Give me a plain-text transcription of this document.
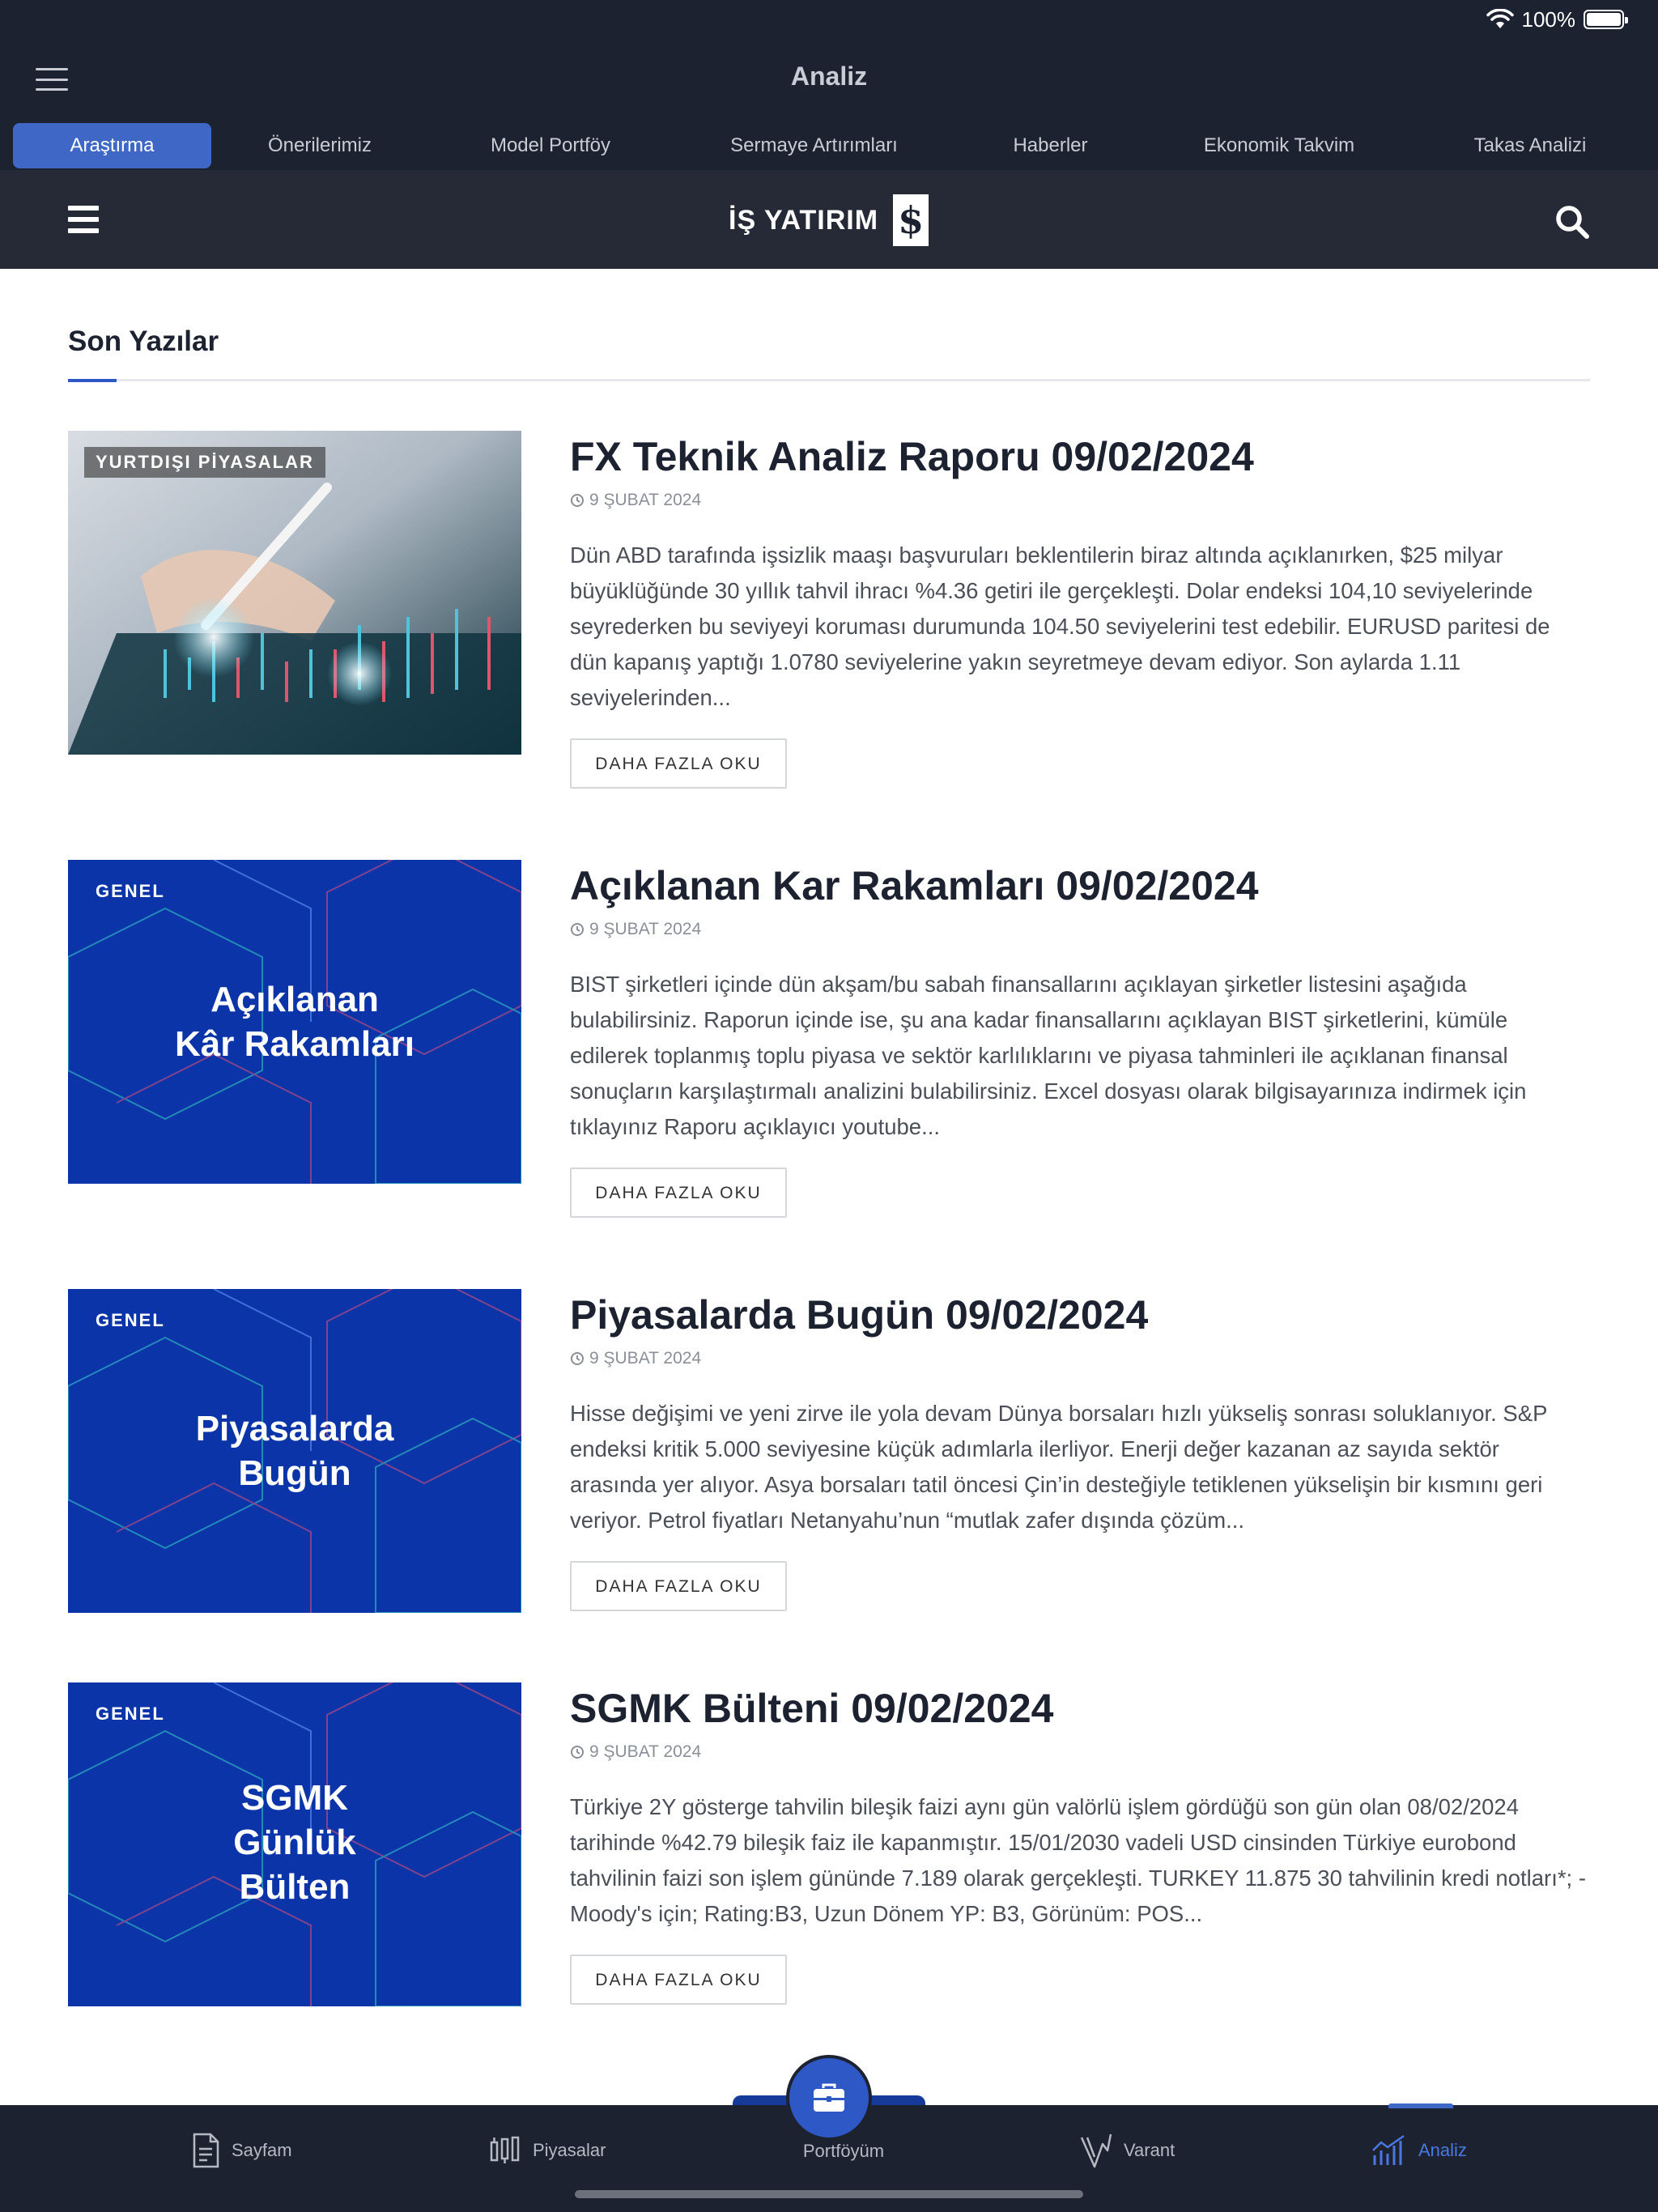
100%
Analiz
Araştırma	Önerilerimiz	Model Portföy	Sermaye Artırımları	Haberler	Ekonomik Takvim	Takas Analizi
İŞ YATIRIM $
Son Yazılar
YURTDIŞI PİYASALAR	FX Teknik Analiz Raporu 09/02/2024
9 ŞUBAT 2024
Dün ABD tarafında işsizlik maaşı başvuruları beklentilerin biraz altında açıklanırken, $25 milyar büyüklüğünde 30 yıllık tahvil ihracı %4.36 getiri ile gerçekleşti. Dolar endeksi 104,10 seviyelerinde seyrederken bu seviyeyi koruması durumunda 104.50 seviyelerini test edebilir. EURUSD paritesi de dün kapanış yaptığı 1.0780 seviyelerine yakın seyretmeye devam ediyor. Son aylarda 1.11 seviyelerinden...
DAHA FAZLA OKU
GENEL
Açıklanan
Kâr Rakamları
Açıklanan Kar Rakamları 09/02/2024
9 ŞUBAT 2024
BIST şirketleri içinde dün akşam/bu sabah finansallarını açıklayan şirketler listesini aşağıda bulabilirsiniz. Raporun içinde ise, şu ana kadar finansallarını açıklayan BIST şirketlerini, kümüle edilerek toplanmış toplu piyasa ve sektör karlılıklarını ve piyasa tahminleri ile açıklanan finansal sonuçların karşılaştırmalı analizini bulabilirsiniz. Excel dosyası olarak bilgisayarınıza indirmek için tıklayınız Raporu açıklayıcı youtube...
DAHA FAZLA OKU
GENEL
Piyasalarda
Bugün
Piyasalarda Bugün 09/02/2024
9 ŞUBAT 2024
Hisse değişimi ve yeni zirve ile yola devam Dünya borsaları hızlı yükseliş sonrası soluklanıyor. S&P endeksi kritik 5.000 seviyesine küçük adımlarla ilerliyor. Enerji değer kazanan az sayıda sektör arasında yer alıyor. Asya borsaları tatil öncesi Çin’in desteğiyle tetiklenen yükselişin bir kısmını geri veriyor. Petrol fiyatları Netanyahu’nun “mutlak zafer dışında çözüm...
DAHA FAZLA OKU
GENEL
SGMK
Günlük
Bülten
SGMK Bülteni 09/02/2024
9 ŞUBAT 2024
Türkiye 2Y gösterge tahvilin bileşik faizi aynı gün valörlü işlem gördüğü son gün olan 08/02/2024 tarihinde %42.79 bileşik faiz ile kapanmıştır. 15/01/2030 vadeli USD cinsinden Türkiye eurobond tahvilinin faizi son işlem gününde 7.189 olarak gerçekleşti. TURKEY 11.875 30 tahvilinin kredi notları*; -Moody's için; Rating:B3, Uzun Dönem YP: B3, Görünüm: POS...
DAHA FAZLA OKU
Sayfam	Piyasalar	Portföyüm	Varant	Analiz
